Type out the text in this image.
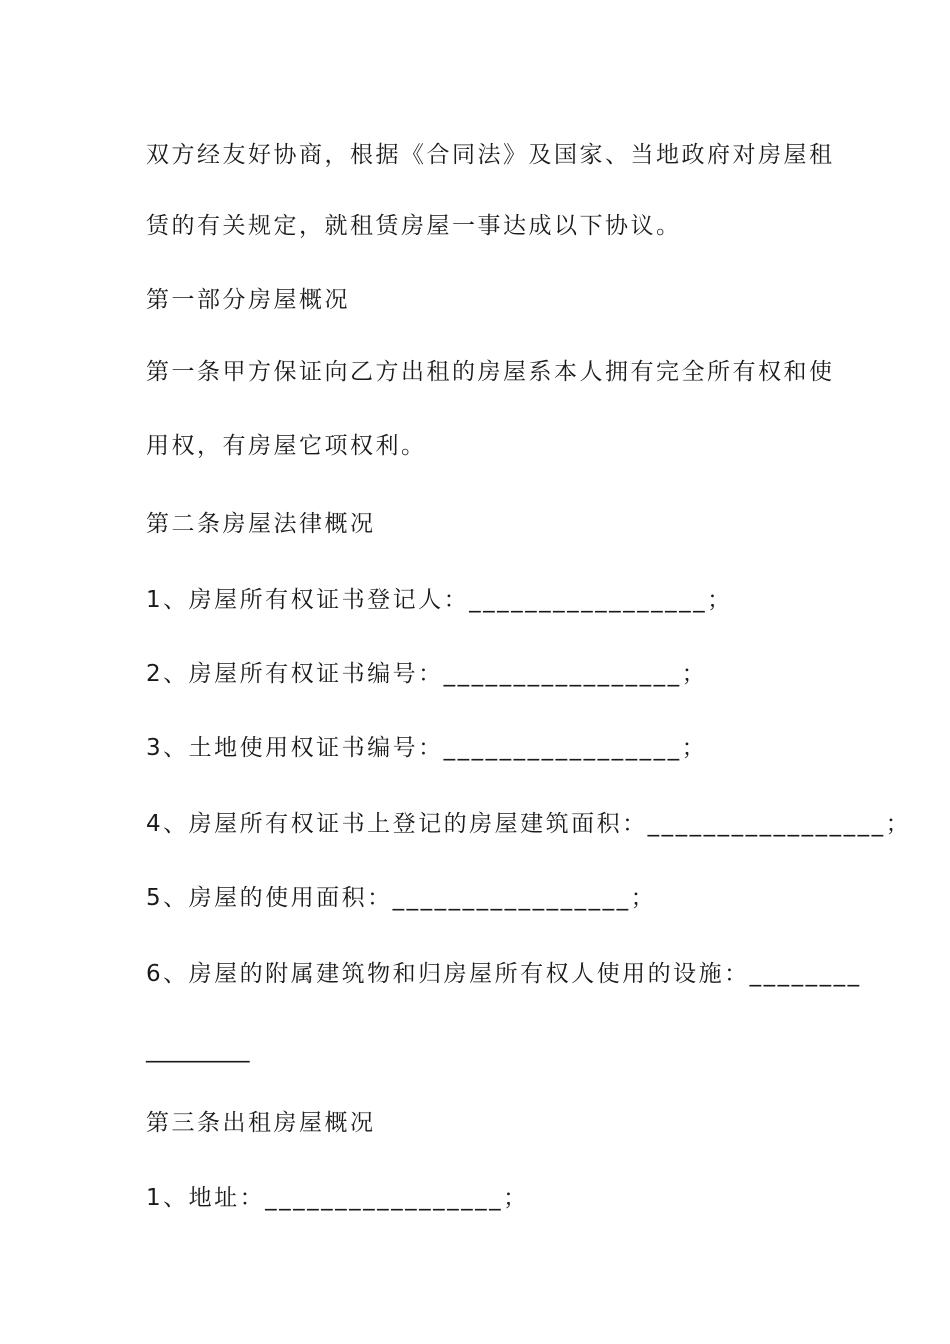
双方经友好协商，根据《合同法》及国家、当地政府对房屋租
赁的有关规定，就租赁房屋一事达成以下协议。
第一部分房屋概况
第一条甲方保证向乙方出租的房屋系本人拥有完全所有权和使
用权，有房屋它项权利。
第二条房屋法律概况
1、房屋所有权证书登记人：_________________；
2、房屋所有权证书编号：_________________；
3、土地使用权证书编号：_________________；
4、房屋所有权证书上登记的房屋建筑面积：_________________；
5、房屋的使用面积：_________________；
6、房屋的附属建筑物和归房屋所有权人使用的设施：________
_________
第三条出租房屋概况
1、地址：_________________；
